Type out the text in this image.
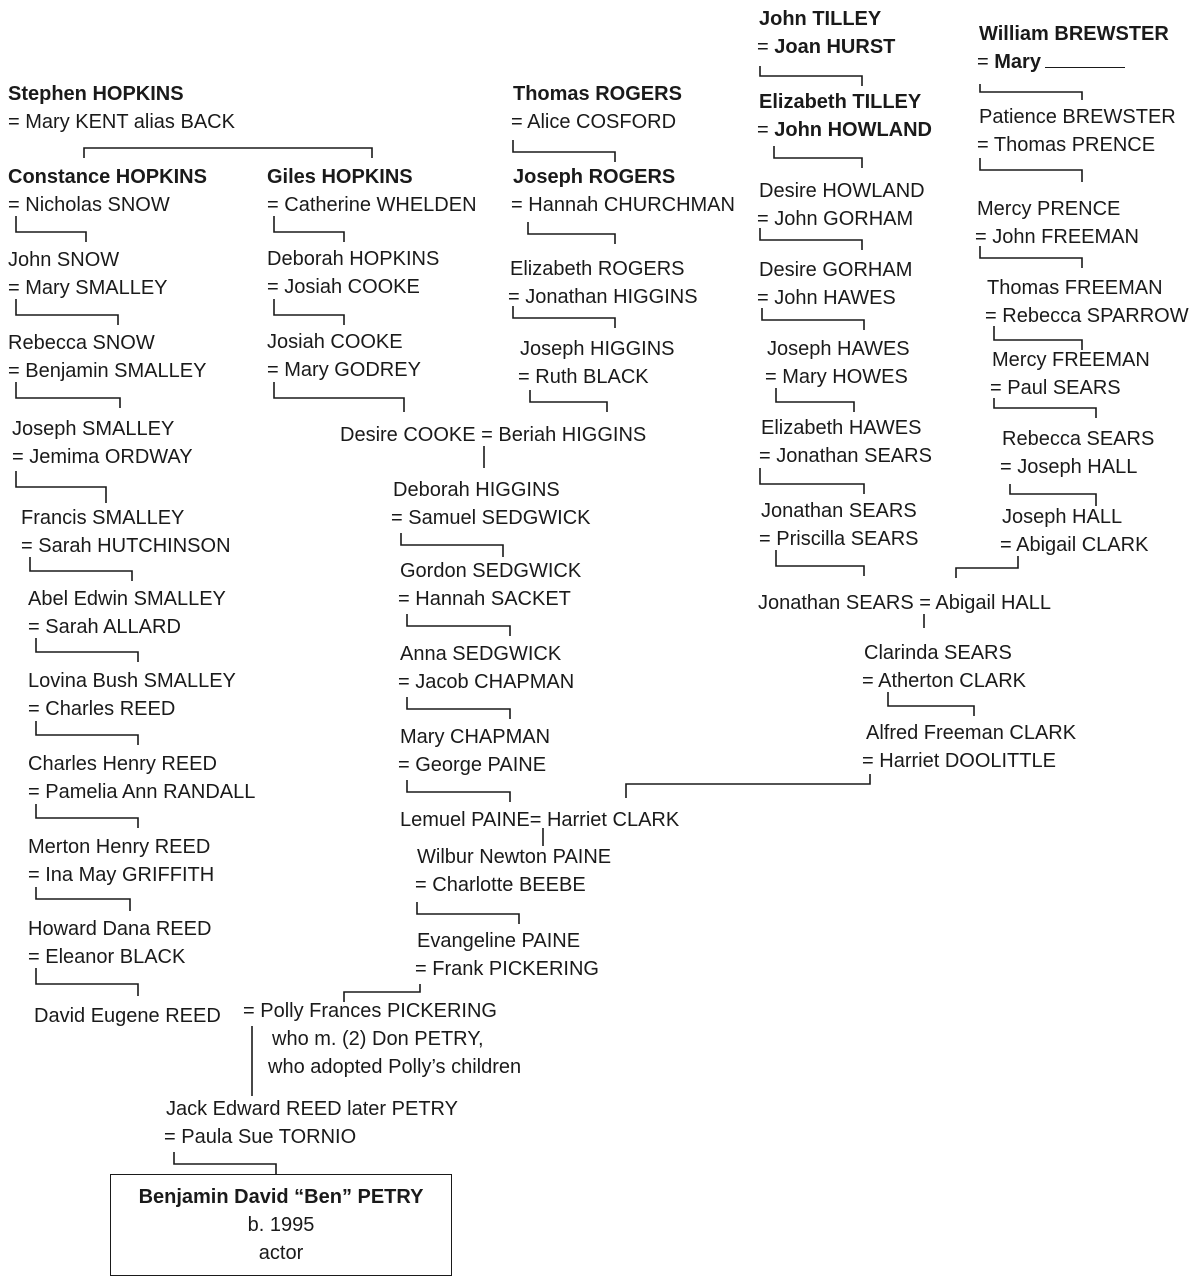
Stephen HOPKINS
= Mary KENT alias BACK
Constance HOPKINS
= Nicholas SNOW
John SNOW
= Mary SMALLEY
Rebecca SNOW
= Benjamin SMALLEY
Joseph SMALLEY
= Jemima ORDWAY
Francis SMALLEY
= Sarah HUTCHINSON
Abel Edwin SMALLEY
= Sarah ALLARD
Lovina Bush SMALLEY
= Charles REED
Charles Henry REED
= Pamelia Ann RANDALL
Merton Henry REED
= Ina May GRIFFITH
Howard Dana REED
= Eleanor BLACK
David Eugene REED
Giles HOPKINS
= Catherine WHELDEN
Deborah HOPKINS
= Josiah COOKE
Josiah COOKE
= Mary GODREY
Desire COOKE = Beriah HIGGINS
Thomas ROGERS
= Alice COSFORD
Joseph ROGERS
= Hannah CHURCHMAN
Elizabeth ROGERS
= Jonathan HIGGINS
Joseph HIGGINS
= Ruth BLACK
Deborah HIGGINS
= Samuel SEDGWICK
Gordon SEDGWICK
= Hannah SACKET
Anna SEDGWICK
= Jacob CHAPMAN
Mary CHAPMAN
= George PAINE
Lemuel PAINE= Harriet CLARK
Wilbur Newton PAINE
= Charlotte BEEBE
Evangeline PAINE
= Frank PICKERING
= Polly Frances PICKERING
who m. (2) Don PETRY,
who adopted Polly’s children
Jack Edward REED later PETRY
= Paula Sue TORNIO
Benjamin David “Ben” PETRY
b. 1995
actor
John TILLEY
= Joan HURST
Elizabeth TILLEY
= John HOWLAND
Desire HOWLAND
= John GORHAM
Desire GORHAM
= John HAWES
Joseph HAWES
= Mary HOWES
Elizabeth HAWES
= Jonathan SEARS
Jonathan SEARS
= Priscilla SEARS
Jonathan SEARS = Abigail HALL
Clarinda SEARS
= Atherton CLARK
Alfred Freeman CLARK
= Harriet DOOLITTLE
William BREWSTER
= Mary
Patience BREWSTER
= Thomas PRENCE
Mercy PRENCE
= John FREEMAN
Thomas FREEMAN
= Rebecca SPARROW
Mercy FREEMAN
= Paul SEARS
Rebecca SEARS
= Joseph HALL
Joseph HALL
= Abigail CLARK
